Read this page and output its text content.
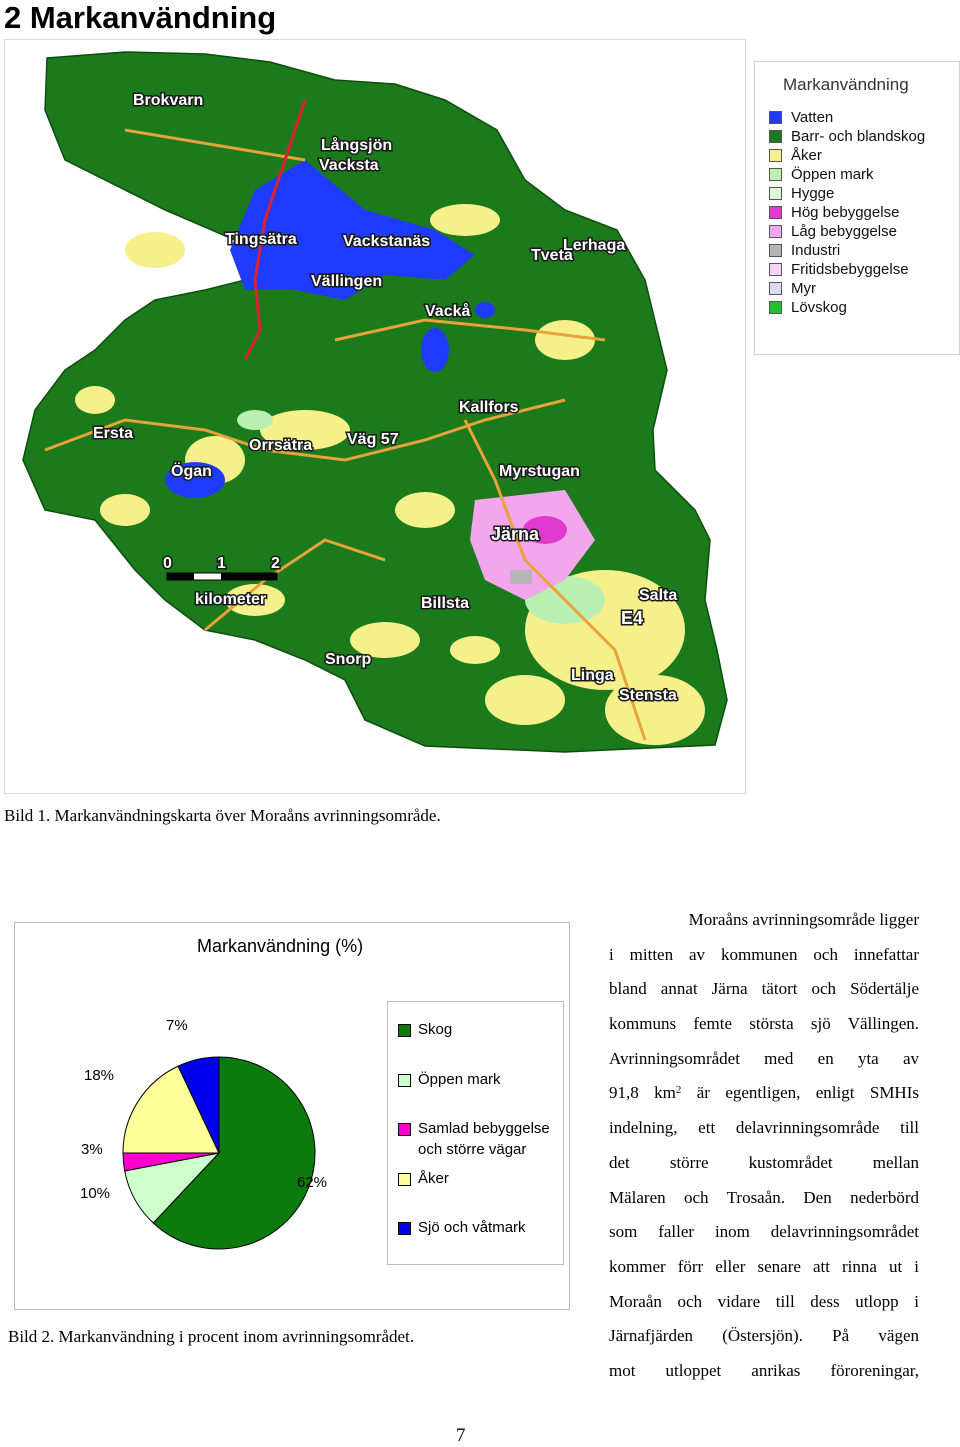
2 Markanvändning
Brokvarn
Långsjön
Vacksta
Tingsätra	Vackstanäs	Lerhaga
Tveta
Vällingen
Vackå
Kallfors
Ersta
Orrsätra Väg 57
Ögan	Myrstugan
Järna
Billsta	Salta
E4
Snorp
Linga
Stensta
0	1	2
kilometer
Markanvändning
Vatten
Barr- och blandskog
Åker
Öppen mark
Hygge
Hög bebyggelse
Låg bebyggelse
Industri
Fritidsbebyggelse
Myr
Lövskog
Bild 1. Markanvändningskarta över Moraåns avrinningsområde.
Markanvändning (%)
7%
18%
3%
10%
62%
Skog
Öppen mark
Samlad bebyggelse
och större vägar
Åker
Sjö och våtmark
Bild 2. Markanvändning i procent inom avrinningsområdet.
Moraåns avrinningsområde ligger
i mitten av kommunen och innefattar
bland annat Järna tätort och Södertälje
kommuns femte största sjö Vällingen.
Avrinningsområdet med en yta av
91,8 $km^2$ är egentligen, enligt SMHIs
indelning, ett delavrinningsområde till
det större kustområdet mellan
Mälaren och Trosaån. Den nederbörd
som faller inom delavrinningsområdet
kommer förr eller senare att rinna ut i
Moraån och vidare till dess utlopp i
Järnafjärden (Östersjön). På vägen
mot utloppet anrikas föroreningar,
7
